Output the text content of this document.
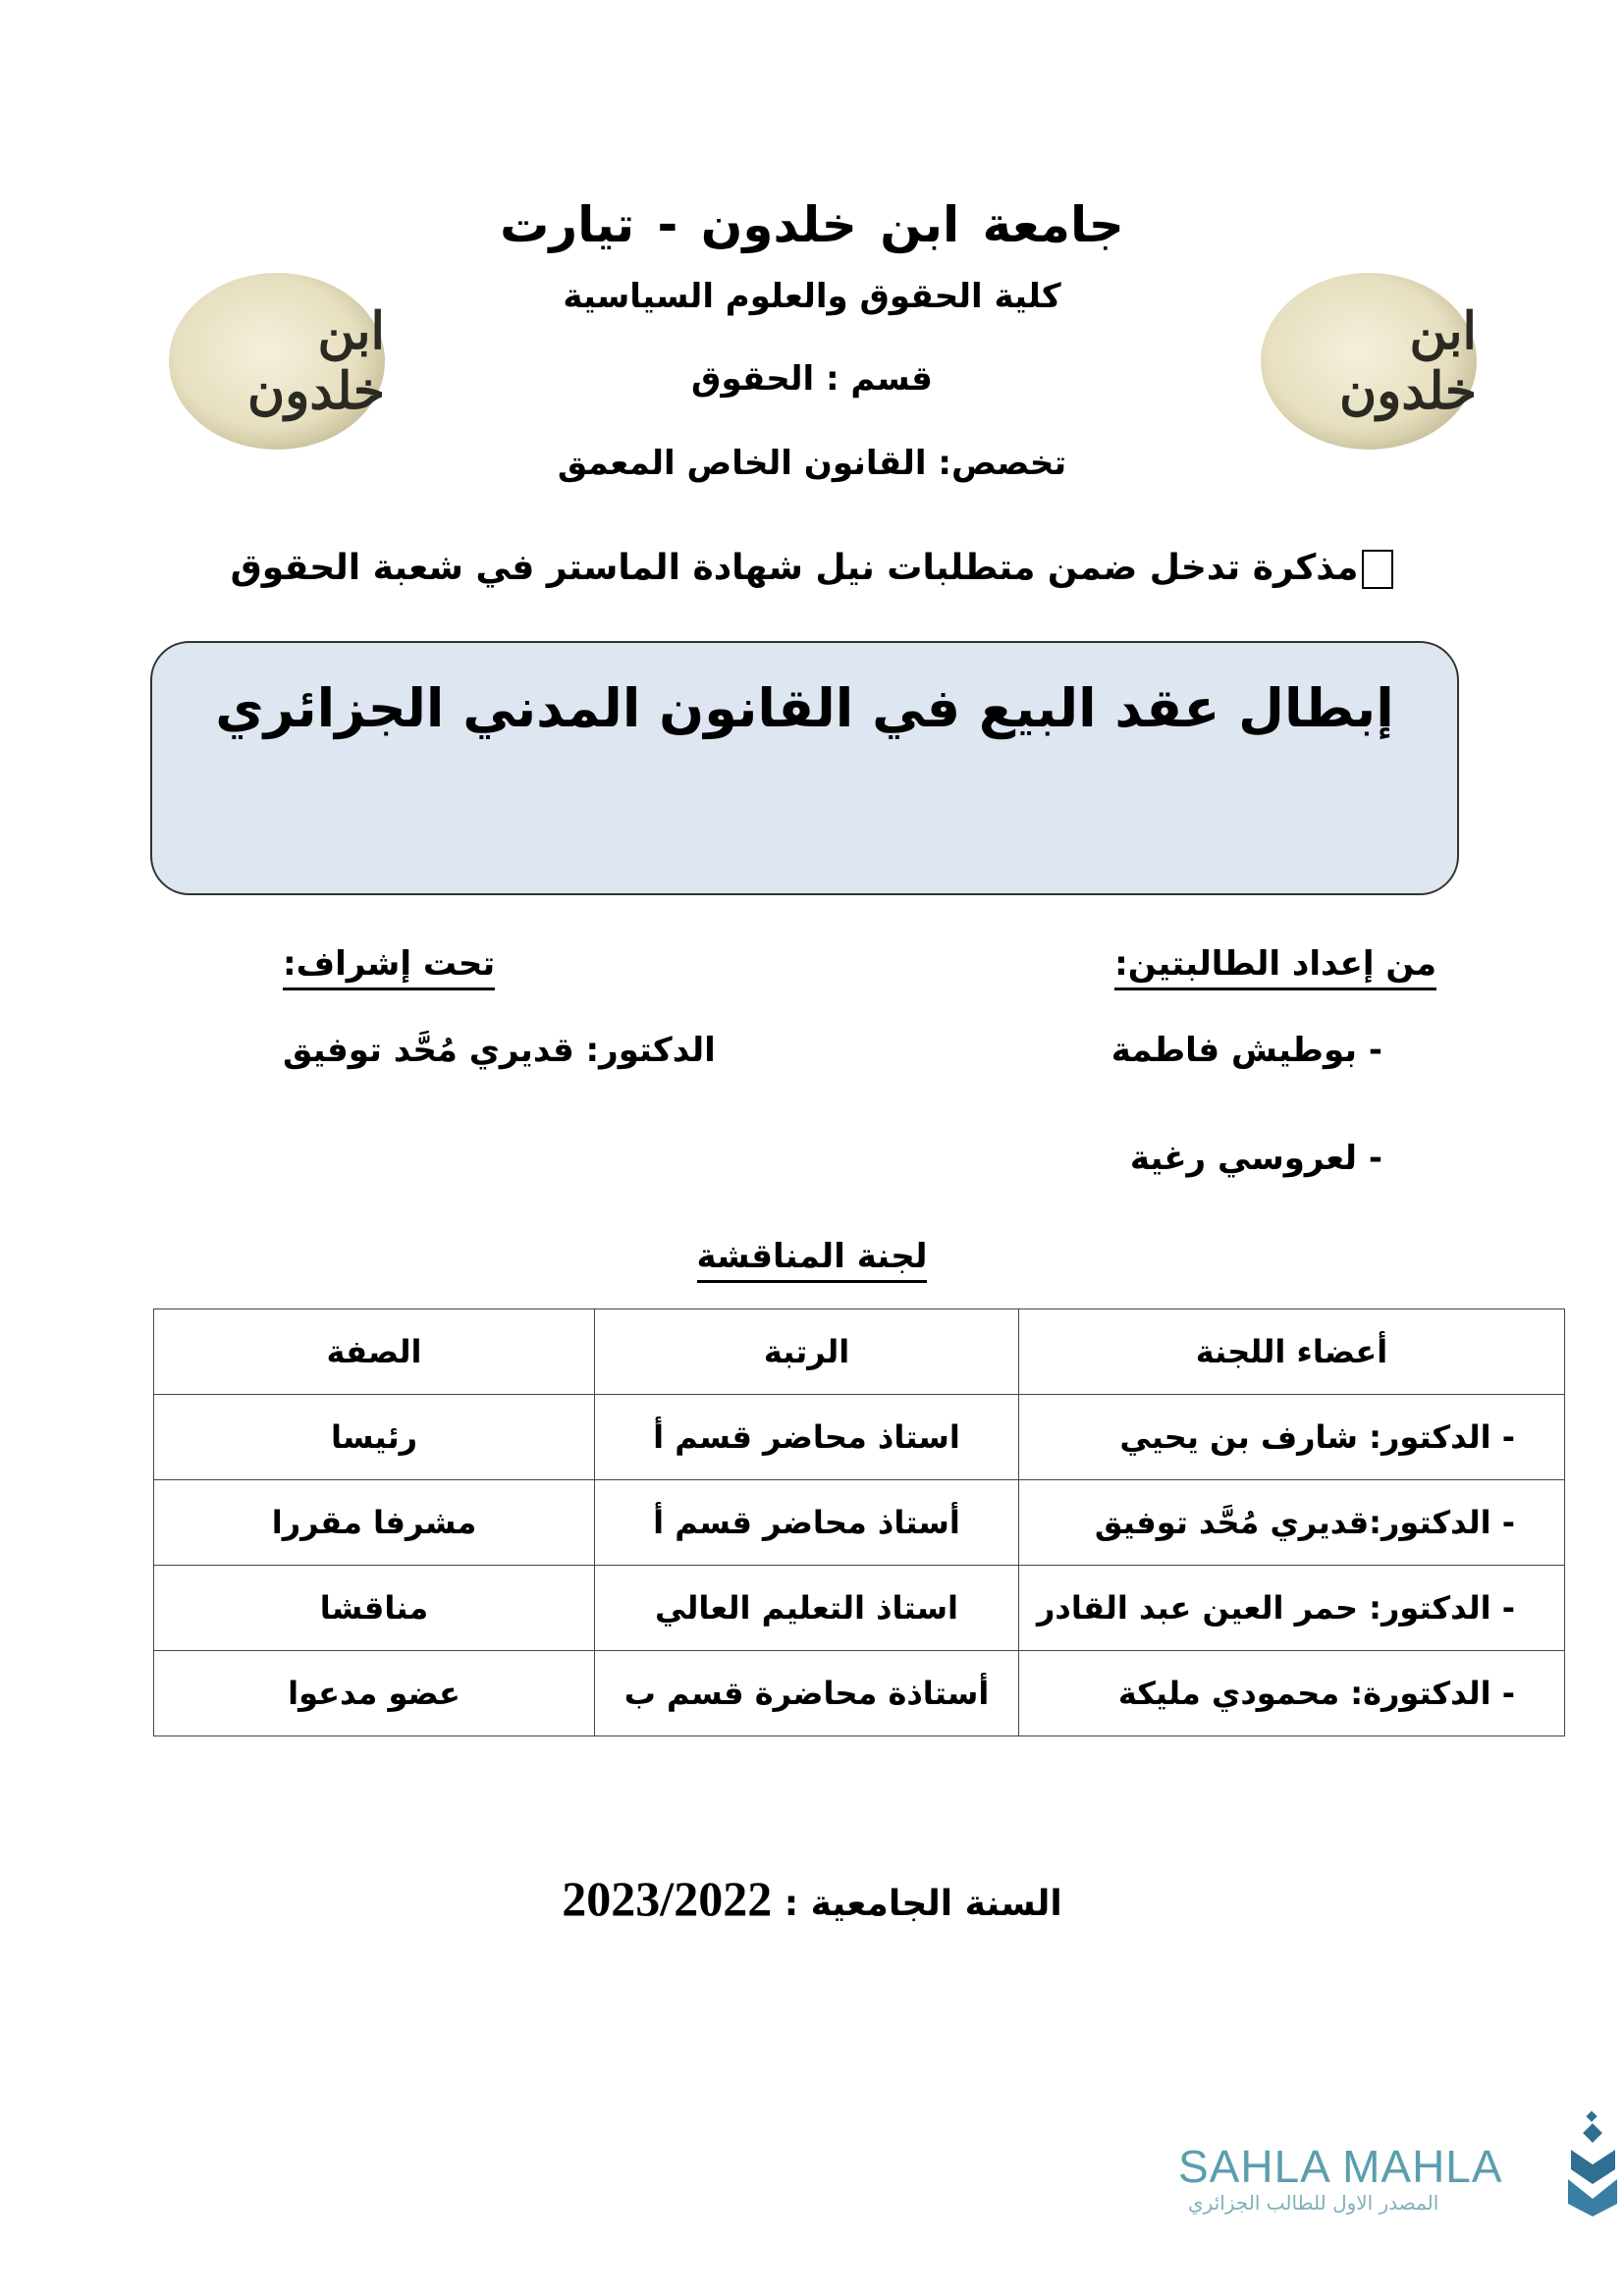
ابن خلدون
ابن خلدون
جامعة ابن خلدون - تيارت
كلية الحقوق والعلوم السياسية
قسم : الحقوق
تخصص: القانون الخاص المعمق
مذكرة تدخل ضمن متطلبات نيل شهادة الماستر في شعبة الحقوق
إبطال عقد البيع في القانون المدني الجزائري
من إعداد الطالبتين:
- بوطيش فاطمة
- لعروسي رغية
تحت إشراف:
الدكتور: قديري مُحَّد توفيق
لجنة المناقشة
أعضاء اللجنة	الرتبة	الصفة
- الدكتور: شارف بن يحيي	استاذ محاضر قسم أ	رئيسا
- الدكتور:قديري مُحَّد توفيق	أستاذ محاضر قسم أ	مشرفا مقررا
- الدكتور: حمر العين عبد القادر	استاذ التعليم العالي	مناقشا
- الدكتورة: محمودي مليكة	أستاذة محاضرة قسم ب	عضو مدعوا
السنة الجامعية : 2023/2022
SAHLA MAHLA
المصدر الاول للطالب الجزائري
